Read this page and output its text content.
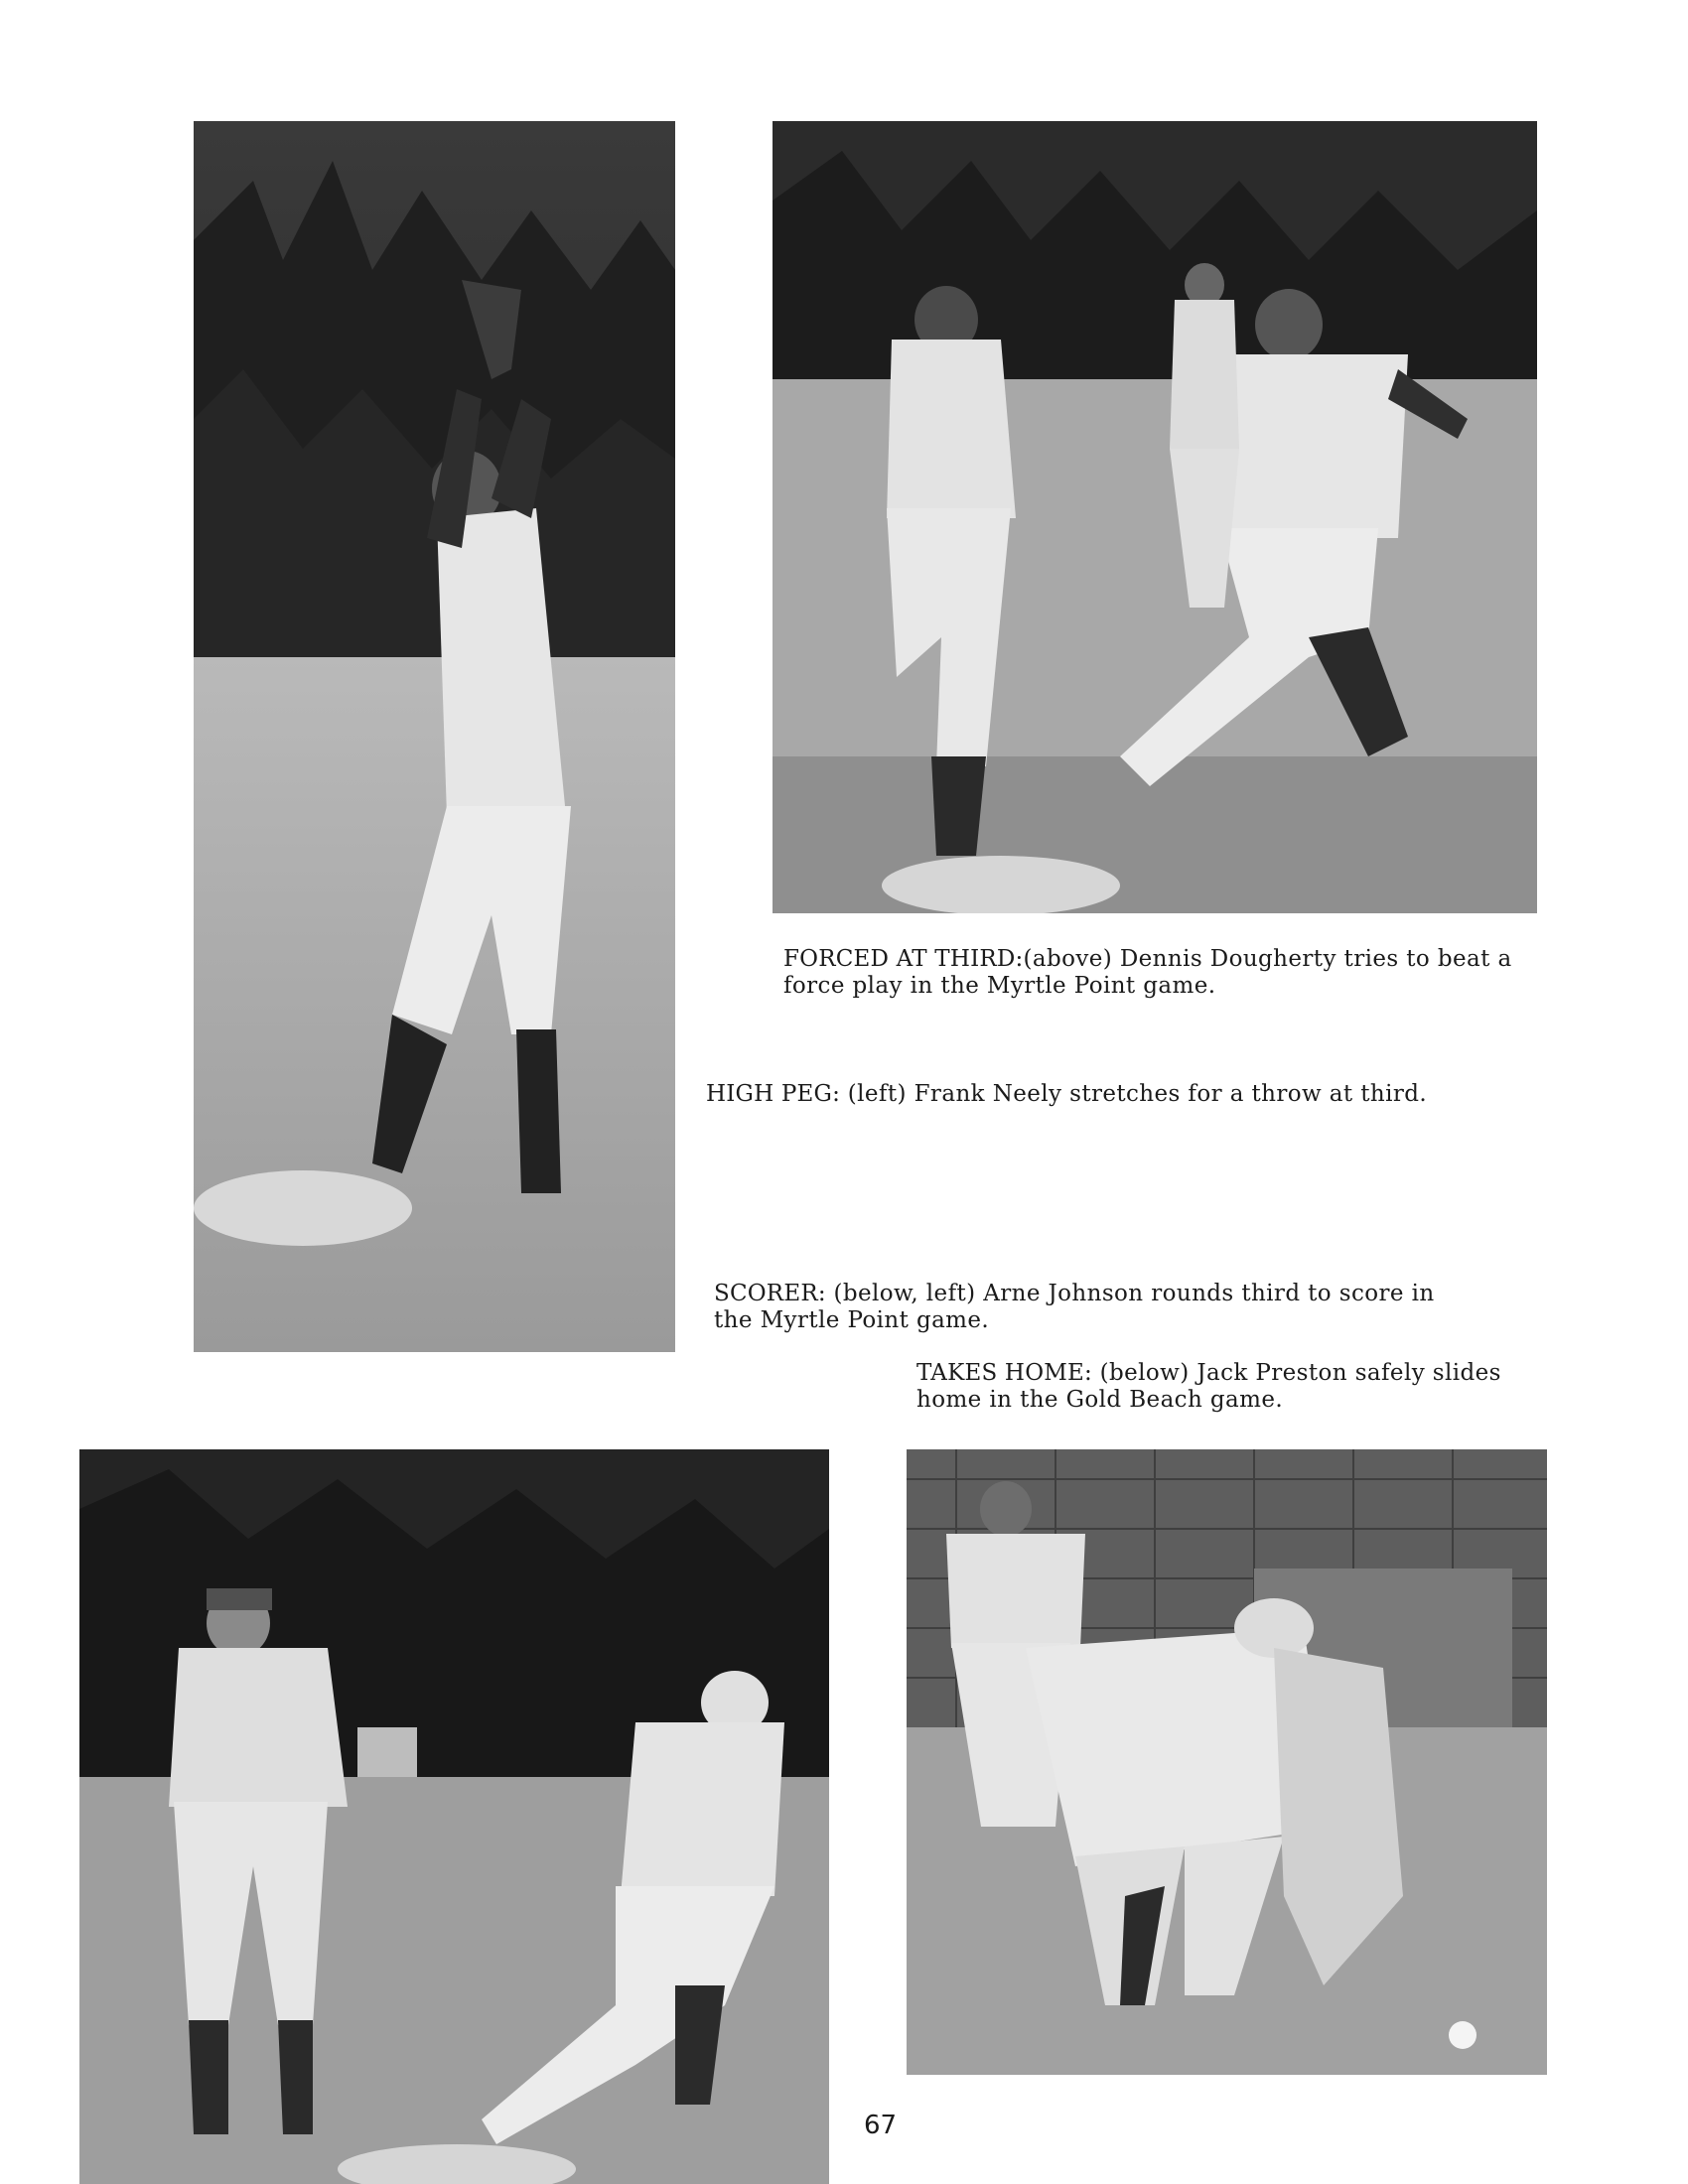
FORCED AT THIRD:(above) Dennis Dougherty tries to beat a
force play in the Myrtle Point game.
HIGH PEG: (left) Frank Neely stretches for a throw at third.
SCORER: (below, left) Arne Johnson rounds third to score in
the Myrtle Point game.
TAKES HOME: (below) Jack Preston safely slides
home in the Gold Beach game.
67
